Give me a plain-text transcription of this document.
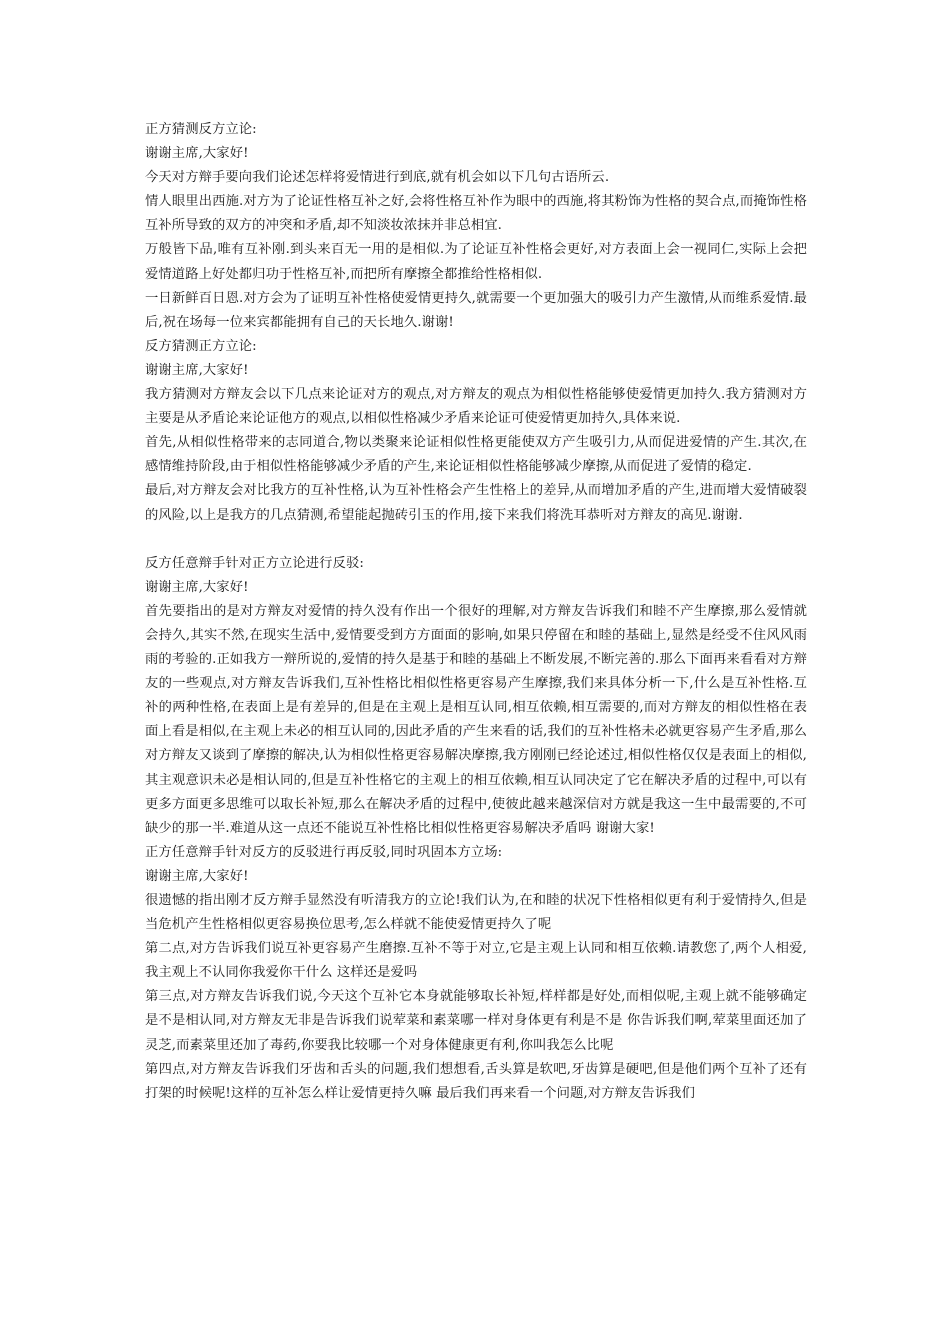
正方猜测反方立论:

谢谢主席,大家好!

今天对方辩手要向我们论述怎样将爱情进行到底,就有机会如以下几句古语所云.

情人眼里出西施.对方为了论证性格互补之好,会将性格互补作为眼中的西施,将其粉饰为性格的契合点,而掩饰性格互补所导致的双方的冲突和矛盾,却不知淡妆浓抹并非总相宜.

万般皆下品,唯有互补刚.到头来百无一用的是相似.为了论证互补性格会更好,对方表面上会一视同仁,实际上会把爱情道路上好处都归功于性格互补,而把所有摩擦全都推给性格相似.

一日新鲜百日恩.对方会为了证明互补性格使爱情更持久,就需要一个更加强大的吸引力产生激情,从而维系爱情.最后,祝在场每一位来宾都能拥有自己的天长地久.谢谢!

反方猜测正方立论:

谢谢主席,大家好!

我方猜测对方辩友会以下几点来论证对方的观点,对方辩友的观点为相似性格能够使爱情更加持久.我方猜测对方主要是从矛盾论来论证他方的观点,以相似性格减少矛盾来论证可使爱情更加持久,具体来说.

首先,从相似性格带来的志同道合,物以类聚来论证相似性格更能使双方产生吸引力,从而促进爱情的产生.其次,在感情维持阶段,由于相似性格能够减少矛盾的产生,来论证相似性格能够减少摩擦,从而促进了爱情的稳定.

最后,对方辩友会对比我方的互补性格,认为互补性格会产生性格上的差异,从而增加矛盾的产生,进而增大爱情破裂的风险,以上是我方的几点猜测,希望能起抛砖引玉的作用,接下来我们将洗耳恭听对方辩友的高见.谢谢.

反方任意辩手针对正方立论进行反驳:

谢谢主席,大家好!

首先要指出的是对方辩友对爱情的持久没有作出一个很好的理解,对方辩友告诉我们和睦不产生摩擦,那么爱情就会持久,其实不然,在现实生活中,爱情要受到方方面面的影响,如果只停留在和睦的基础上,显然是经受不住风风雨雨的考验的.正如我方一辩所说的,爱情的持久是基于和睦的基础上不断发展,不断完善的.那么下面再来看看对方辩友的一些观点,对方辩友告诉我们,互补性格比相似性格更容易产生摩擦,我们来具体分析一下,什么是互补性格.互补的两种性格,在表面上是有差异的,但是在主观上是相互认同,相互依赖,相互需要的,而对方辩友的相似性格在表面上看是相似,在主观上未必的相互认同的,因此矛盾的产生来看的话,我们的互补性格未必就更容易产生矛盾,那么对方辩友又谈到了摩擦的解决,认为相似性格更容易解决摩擦,我方刚刚已经论述过,相似性格仅仅是表面上的相似,其主观意识未必是相认同的,但是互补性格它的主观上的相互依赖,相互认同决定了它在解决矛盾的过程中,可以有更多方面更多思维可以取长补短,那么在解决矛盾的过程中,使彼此越来越深信对方就是我这一生中最需要的,不可缺少的那一半.难道从这一点还不能说互补性格比相似性格更容易解决矛盾吗 谢谢大家!

正方任意辩手针对反方的反驳进行再反驳,同时巩固本方立场:

谢谢主席,大家好!

很遗憾的指出刚才反方辩手显然没有听清我方的立论!我们认为,在和睦的状况下性格相似更有利于爱情持久,但是当危机产生性格相似更容易换位思考,怎么样就不能使爱情更持久了呢

第二点,对方告诉我们说互补更容易产生磨擦.互补不等于对立,它是主观上认同和相互依赖.请教您了,两个人相爱,我主观上不认同你我爱你干什么 这样还是爱吗

第三点,对方辩友告诉我们说,今天这个互补它本身就能够取长补短,样样都是好处,而相似呢,主观上就不能够确定是不是相认同,对方辩友无非是告诉我们说荤菜和素菜哪一样对身体更有利是不是 你告诉我们啊,荤菜里面还加了灵芝,而素菜里还加了毒药,你要我比较哪一个对身体健康更有利,你叫我怎么比呢

第四点,对方辩友告诉我们牙齿和舌头的问题,我们想想看,舌头算是软吧,牙齿算是硬吧,但是他们两个互补了还有打架的时候呢!这样的互补怎么样让爱情更持久嘛 最后我们再来看一个问题,对方辩友告诉我们
